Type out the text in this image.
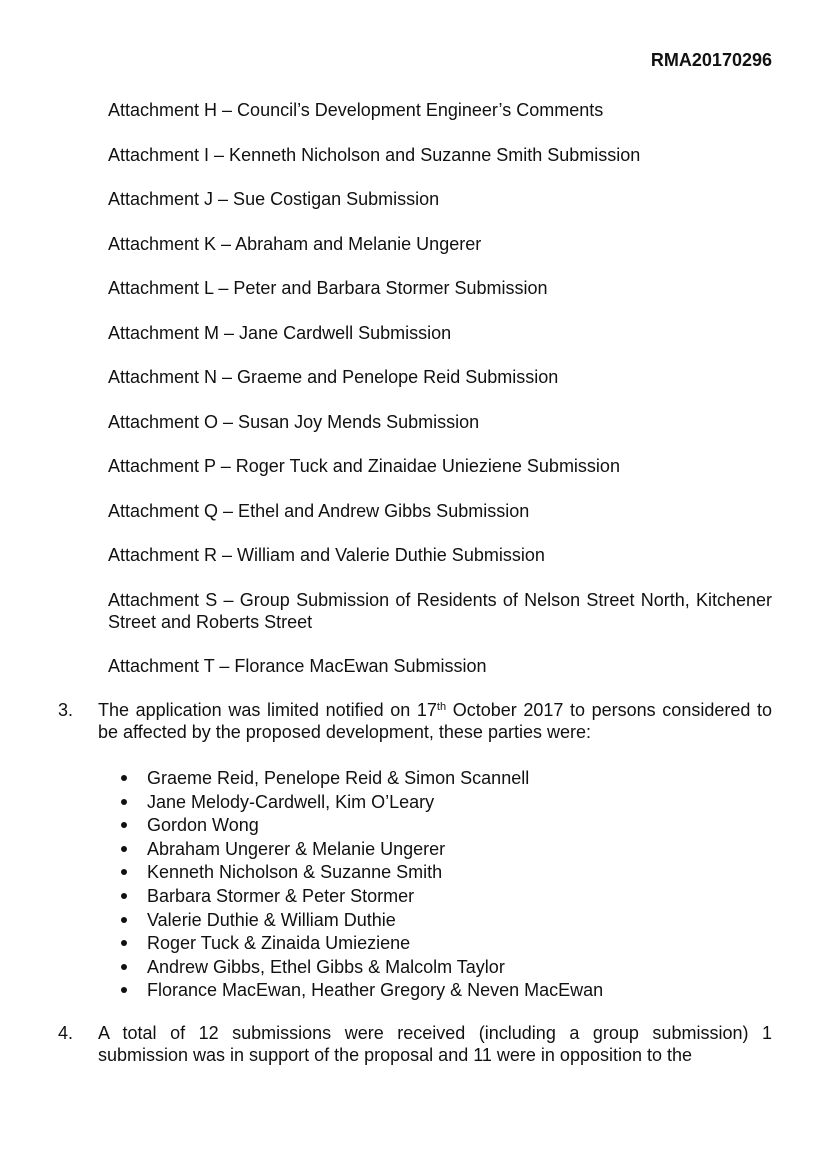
RMA20170296
Attachment H – Council’s Development Engineer’s Comments
Attachment I – Kenneth Nicholson and Suzanne Smith Submission
Attachment J – Sue Costigan Submission
Attachment K – Abraham and Melanie Ungerer
Attachment L – Peter and Barbara Stormer Submission
Attachment M – Jane Cardwell Submission
Attachment N – Graeme and Penelope Reid Submission
Attachment O – Susan Joy Mends Submission
Attachment P – Roger Tuck and Zinaidae Unieziene Submission
Attachment Q – Ethel and Andrew Gibbs Submission
Attachment R – William and Valerie Duthie Submission
Attachment S – Group Submission of Residents of Nelson Street North, Kitchener Street and Roberts Street
Attachment T – Florance MacEwan Submission
3. The application was limited notified on 17th October 2017 to persons considered to be affected by the proposed development, these parties were:
Graeme Reid, Penelope Reid & Simon Scannell
Jane Melody-Cardwell, Kim O’Leary
Gordon Wong
Abraham Ungerer & Melanie Ungerer
Kenneth Nicholson & Suzanne Smith
Barbara Stormer & Peter Stormer
Valerie Duthie & William Duthie
Roger Tuck & Zinaida Umieziene
Andrew Gibbs, Ethel Gibbs & Malcolm Taylor
Florance MacEwan, Heather Gregory & Neven MacEwan
4. A total of 12 submissions were received (including a group submission) 1 submission was in support of the proposal and 11 were in opposition to the
